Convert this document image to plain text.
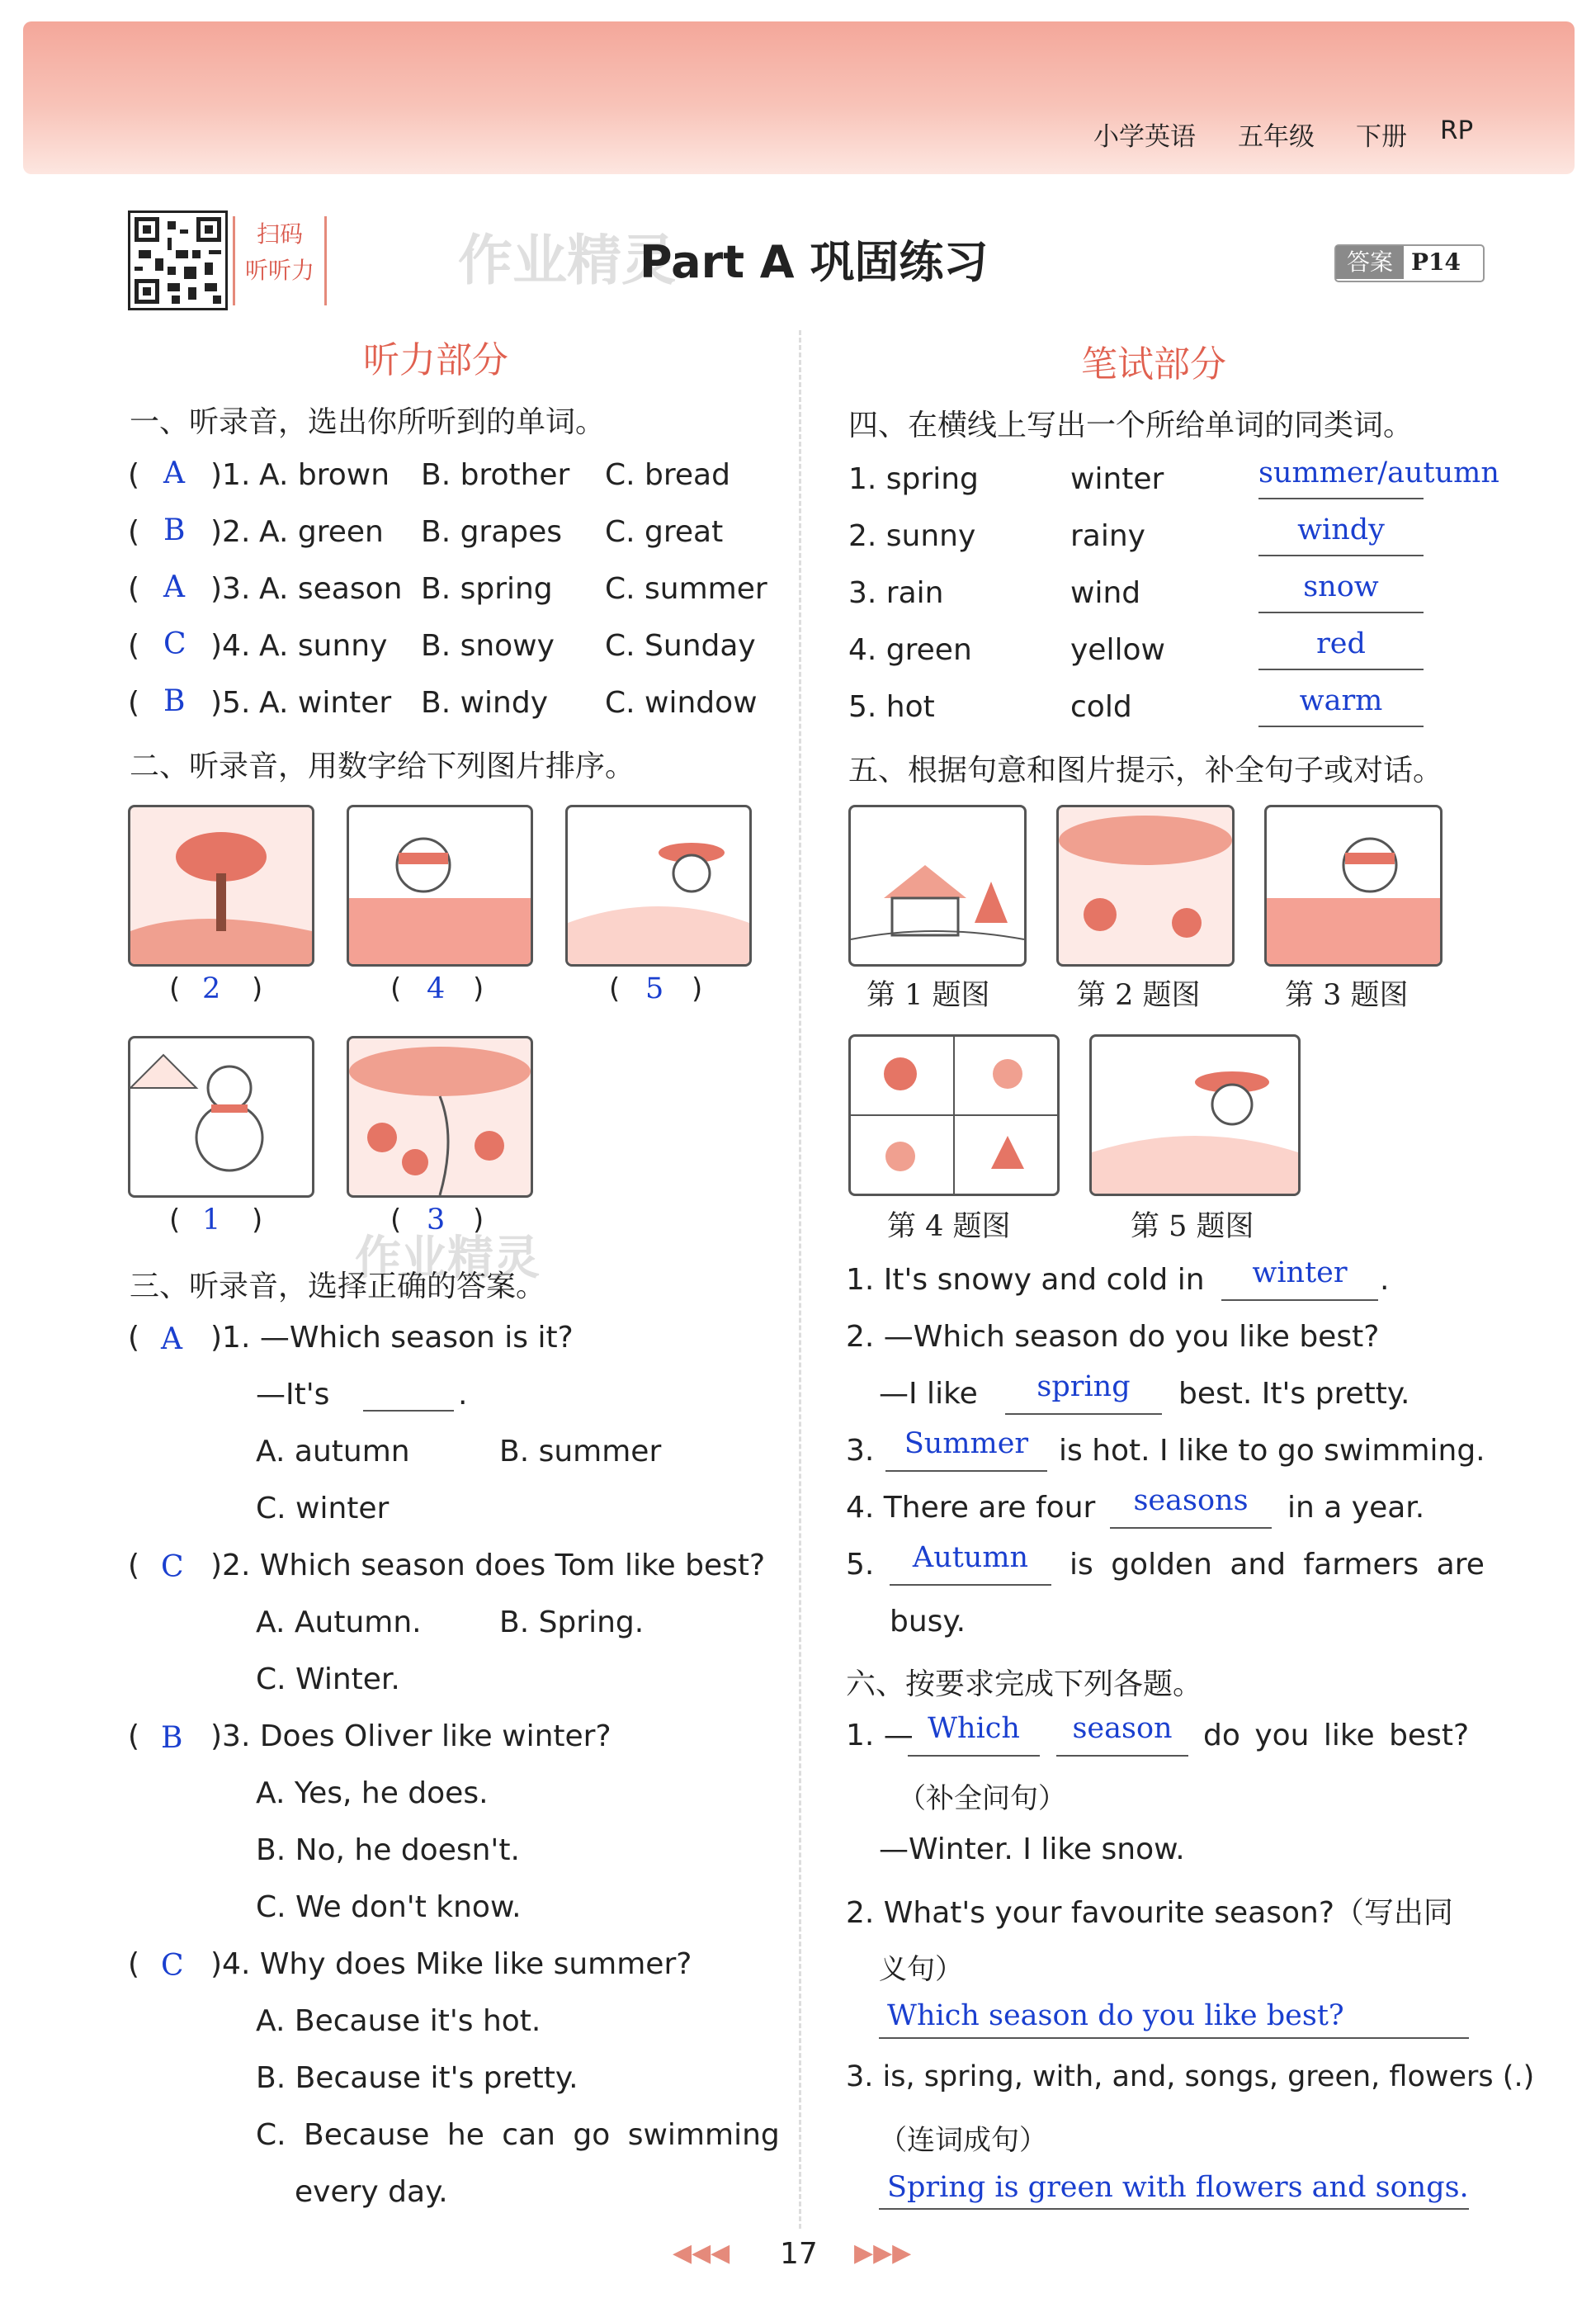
小学英语 五年级 下册 RP
扫码
听听力	作业精灵
作业精灵
Part A 巩固练习	答案 P14
听力部分
一、听录音，选出你所听到的单词。
( A )1. A. brown B. brother C. bread
( B )2. A. green B. grapes C. great
( A )3. A. season B. spring C. summer
( C )4. A. sunny B. snowy C. Sunday
( B )5. A. winter B. windy C. window
二、听录音，用数字给下列图片排序。
( 2 )	( 4 )	( 5 )
( 1 )	( 3 )
三、听录音，选择正确的答案。
( A )1. —Which season is it?
—It's	.
A. autumn	B. summer
C. winter
( C )2. Which season does Tom like best?
A. Autumn.	B. Spring.
C. Winter.
( B )3. Does Oliver like winter?
A. Yes, he does.
B. No, he doesn't.
C. We don't know.
( C )4. Why does Mike like summer?
A. Because it's hot.
B. Because it's pretty.
C. Because he can go swimming
every day.
笔试部分
四、在横线上写出一个所给单词的同类词。
1. spring	winter	summer/autumn
2. sunny	rainy	windy
3. rain	wind	snow
4. green	yellow	red
5. hot	cold	warm
五、根据句意和图片提示，补全句子或对话。
第 1 题图	第 2 题图	第 3 题图
第 4 题图	第 5 题图
1. It's snowy and cold in	winter	.
2. —Which season do you like best?
—I like	spring	best. It's pretty.
3.	Summer	is hot. I like to go swimming.
4. There are four	seasons	in a year.
5.	Autumn	is golden and farmers are
busy.
六、按要求完成下列各题。
1. — Which	season	do you like best?
（补全问句）
—Winter. I like snow.
2. What's your favourite season?（写出同
义句）
Which season do you like best?
3. is, spring, with, and, songs, green, flowers (.)
（连词成句）
Spring is green with flowers and songs.
◀◀◀ 17 ▶▶▶
